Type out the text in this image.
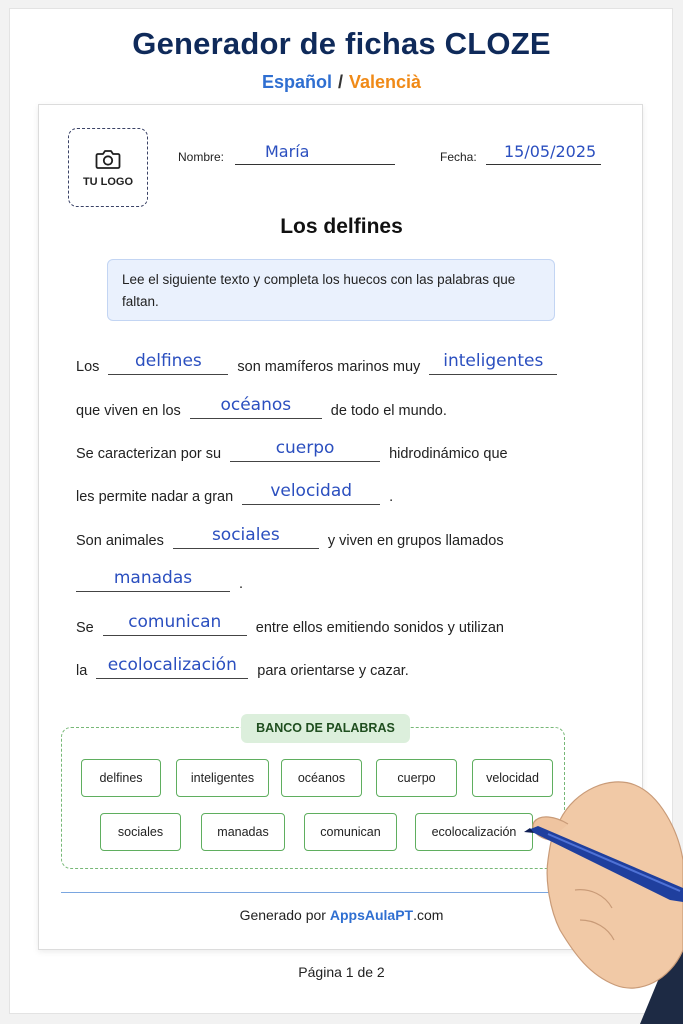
Generador de fichas CLOZE
Español / Valencià
TU LOGO
Nombre:	María	Fecha:	15/05/2025
Los delfines
Lee el siguiente texto y completa los huecos con las palabras que faltan.
Los	delfines	son mamíferos marinos muy	inteligentes
que viven en los	océanos	de todo el mundo.
Se caracterizan por su	cuerpo	hidrodinámico que
les permite nadar a gran	velocidad	.
Son animales	sociales	y viven en grupos llamados
manadas	.
Se	comunican	entre ellos emitiendo sonidos y utilizan
la	ecolocalización	para orientarse y cazar.
BANCO DE PALABRAS
delfines	inteligentes	océanos	cuerpo	velocidad
sociales	manadas	comunican	ecolocalización
Generado por AppsAulaPT.com
Página 1 de 2
